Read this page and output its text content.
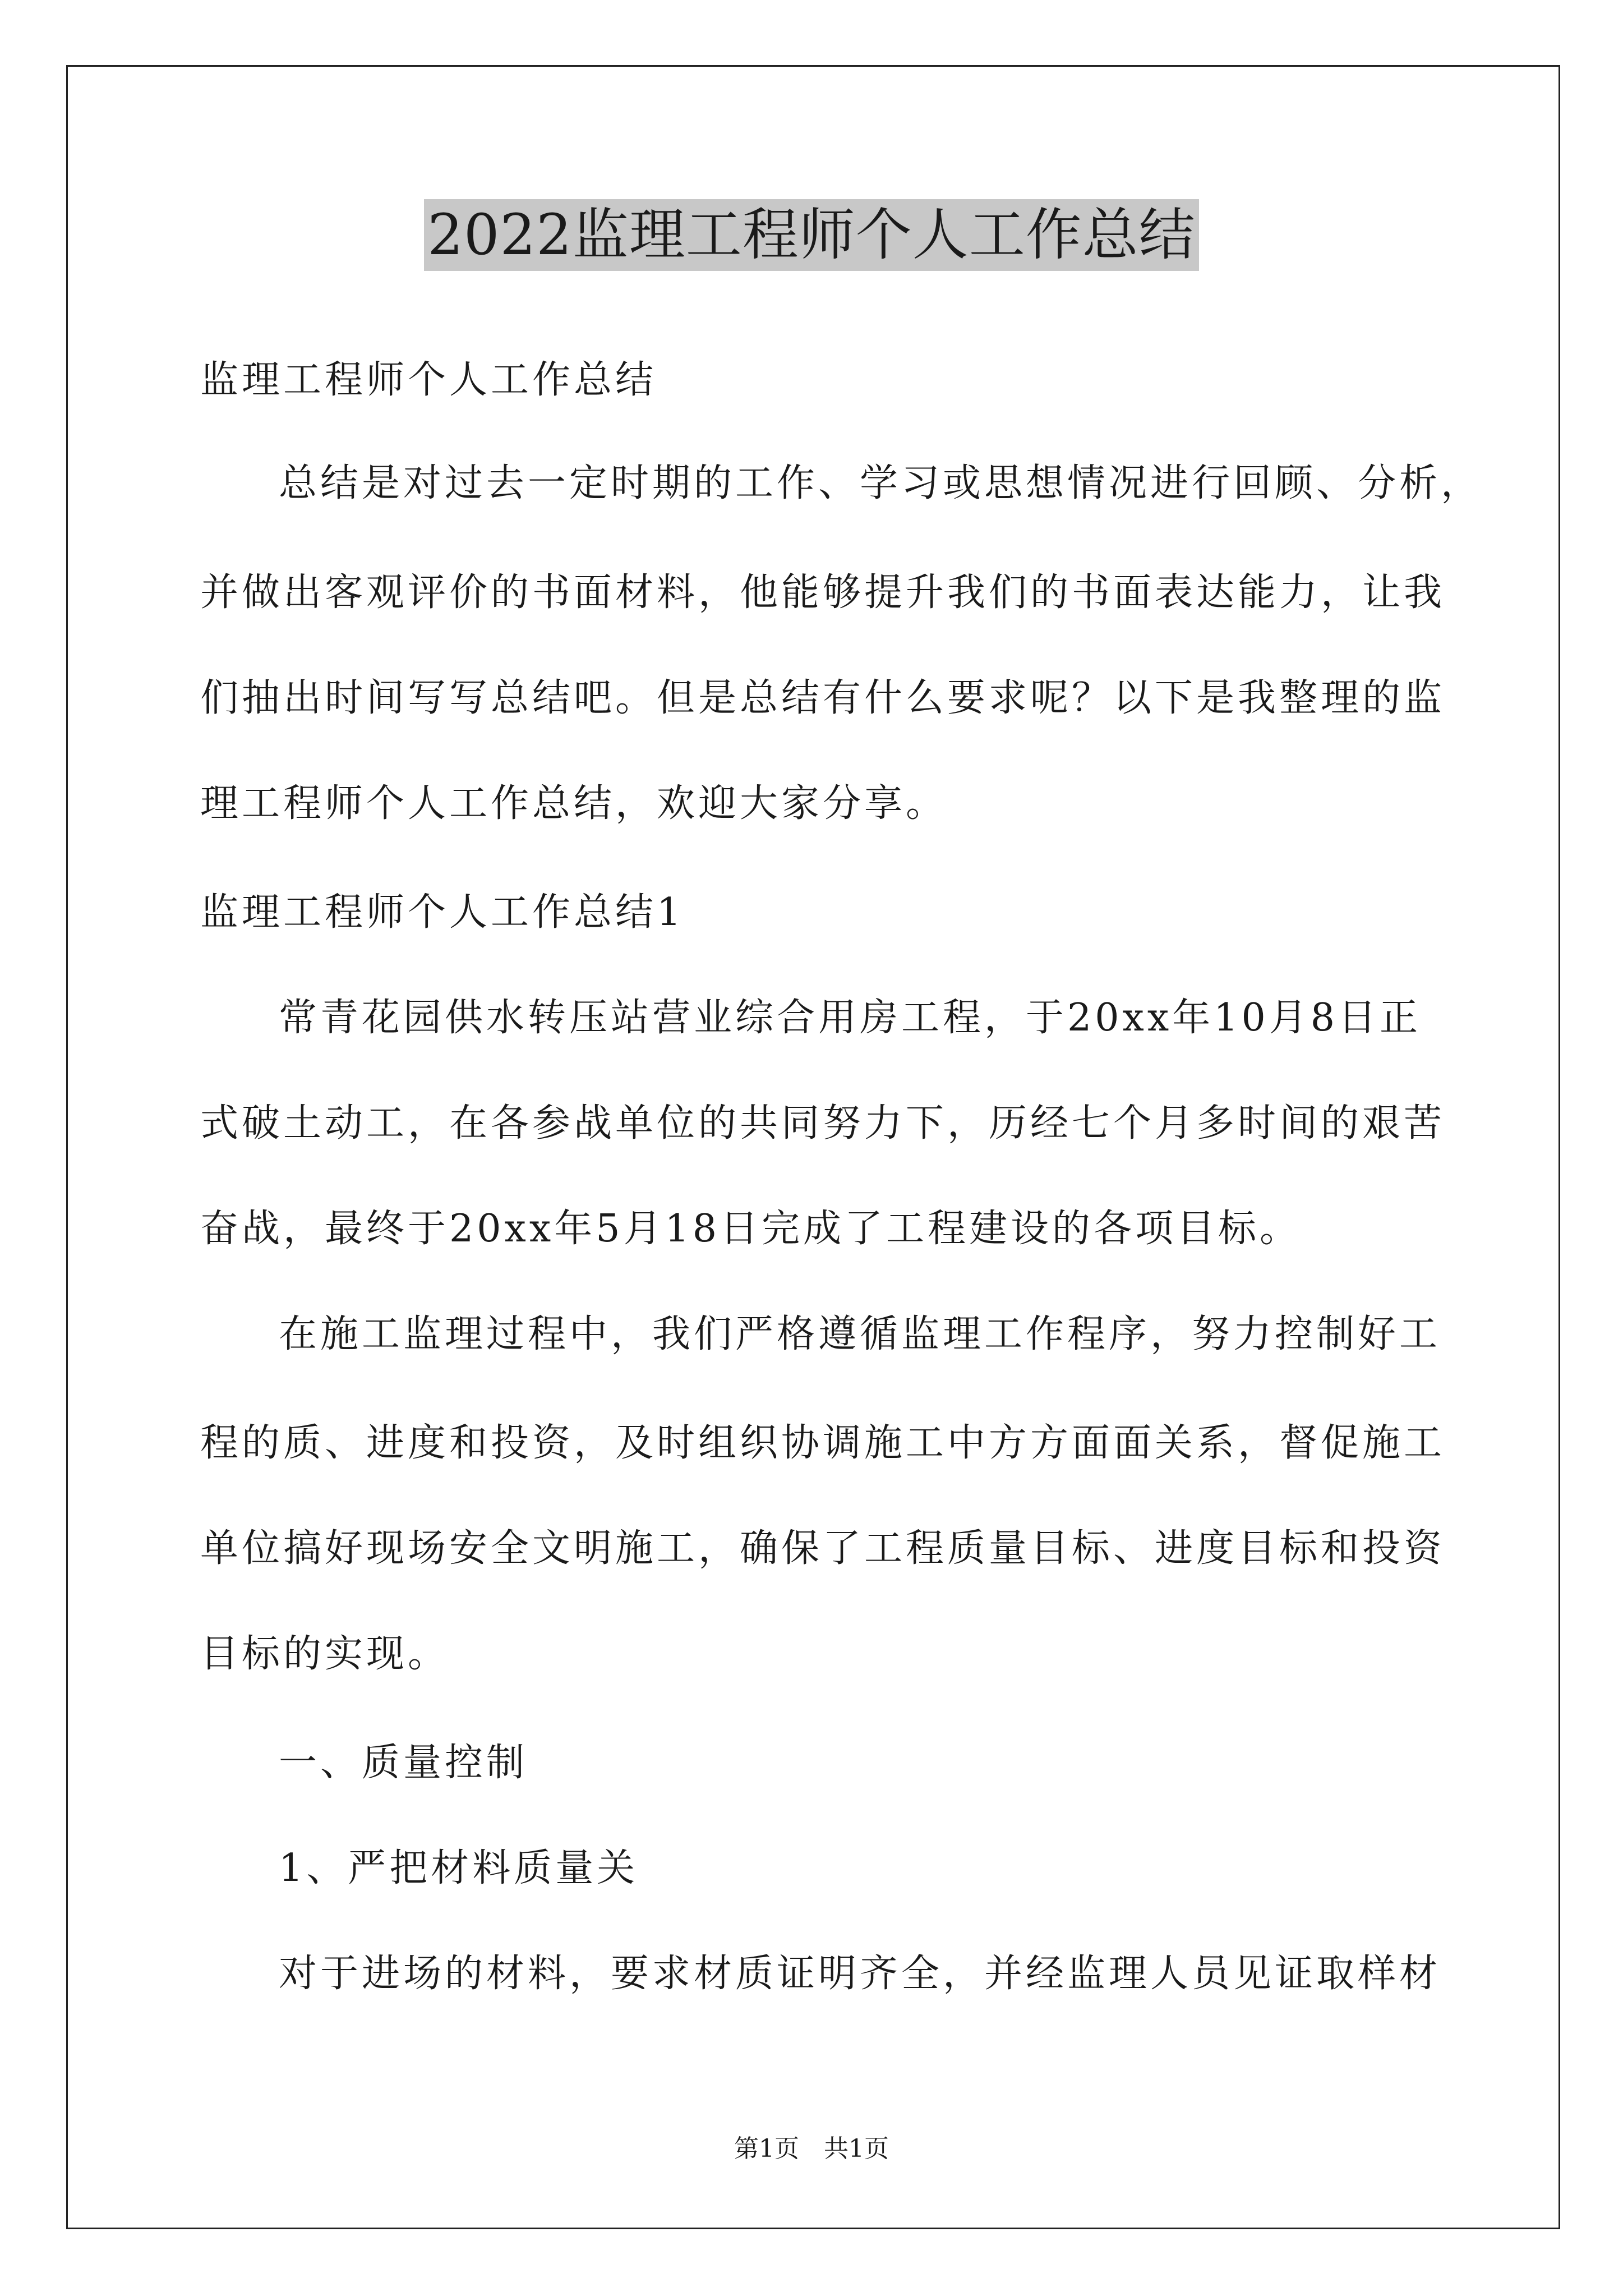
2022监理工程师个人工作总结
监理工程师个人工作总结
总结是对过去一定时期的工作、学习或思想情况进行回顾、分析，
并做出客观评价的书面材料，他能够提升我们的书面表达能力，让我
们抽出时间写写总结吧。但是总结有什么要求呢？以下是我整理的监
理工程师个人工作总结，欢迎大家分享。
监理工程师个人工作总结1
常青花园供水转压站营业综合用房工程，于20xx年10月8日正
式破土动工，在各参战单位的共同努力下，历经七个月多时间的艰苦
奋战，最终于20xx年5月18日完成了工程建设的各项目标。
在施工监理过程中，我们严格遵循监理工作程序，努力控制好工
程的质、进度和投资，及时组织协调施工中方方面面关系，督促施工
单位搞好现场安全文明施工，确保了工程质量目标、进度目标和投资
目标的实现。
一、质量控制
1、严把材料质量关
对于进场的材料，要求材质证明齐全，并经监理人员见证取样材
第1页　共1页
